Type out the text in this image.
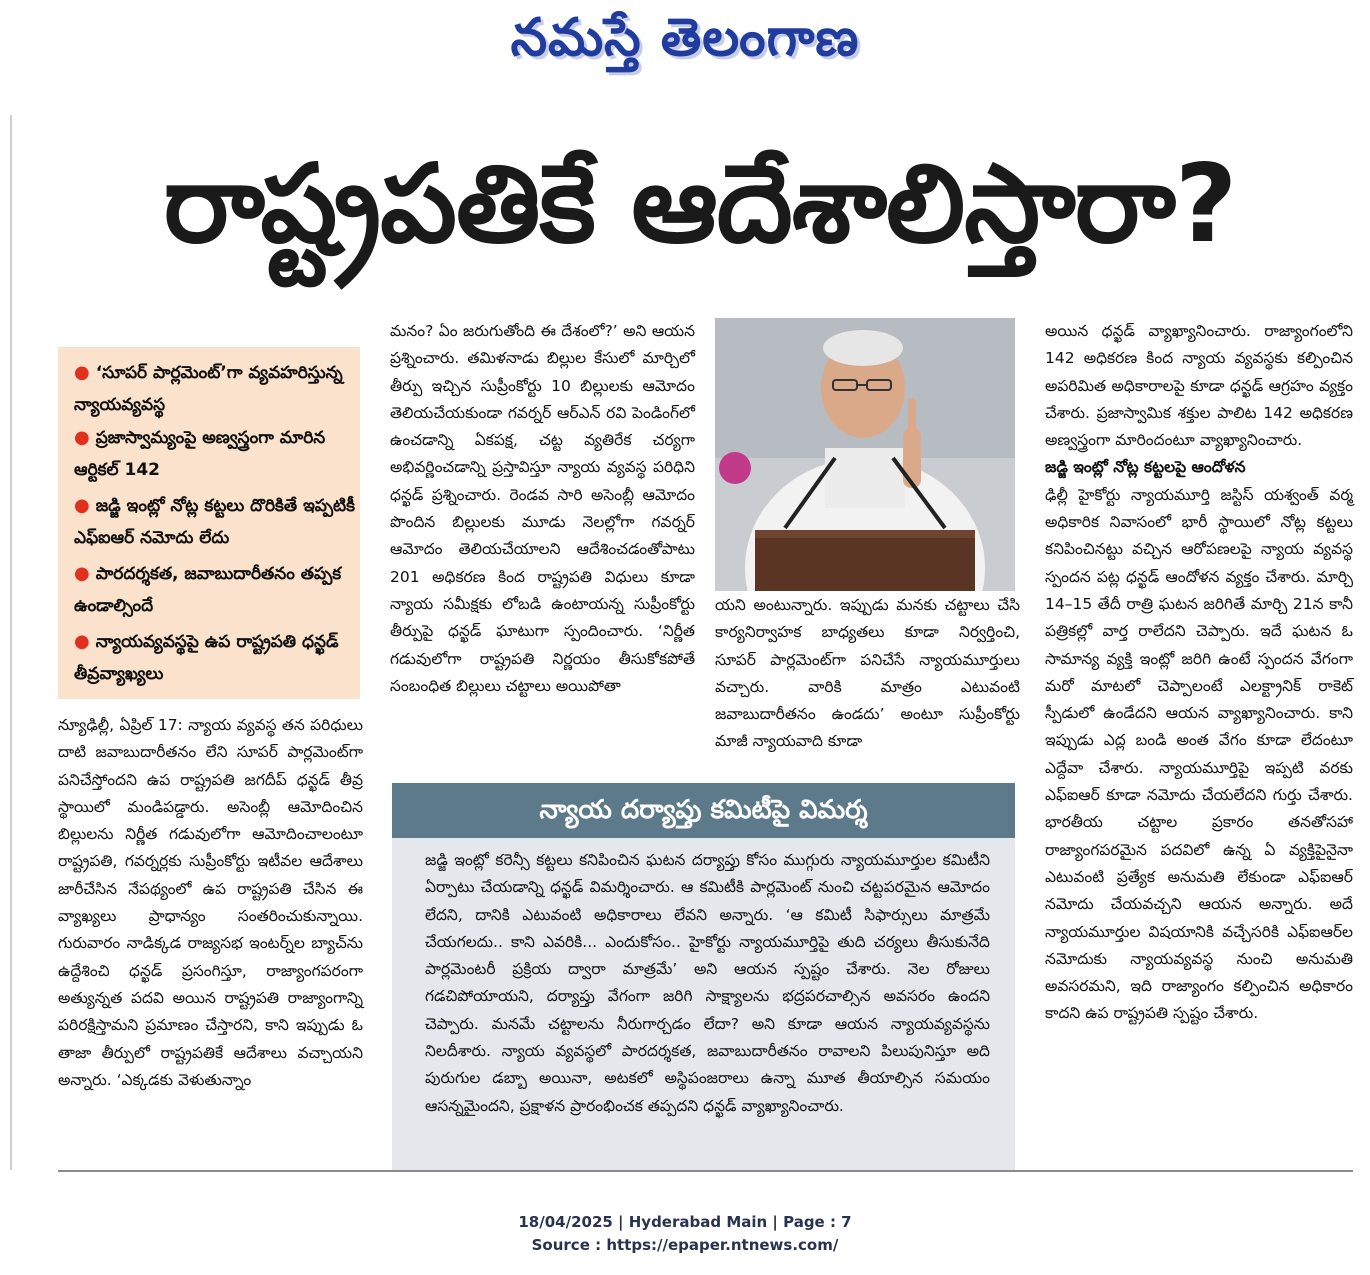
నమస్తే తెలంగాణ
రాష్ట్రపతికే ఆదేశాలిస్తారా?
● ‘సూపర్ పార్లమెంట్’గా వ్యవహరిస్తున్న న్యాయవ్యవస్థ
● ప్రజాస్వామ్యంపై అణ్వస్త్రంగా మారిన ఆర్టికల్ 142
● జడ్జి ఇంట్లో నోట్ల కట్టలు దొరికితే ఇప్పటికీ ఎఫ్ఐఆర్ నమోదు లేదు
● పారదర్శకత, జవాబుదారీతనం తప్పక ఉండాల్సిందే
● న్యాయవ్యవస్థపై ఉప రాష్ట్రపతి ధన్ఖడ్ తీవ్రవ్యాఖ్యలు
న్యూఢిల్లీ, ఏప్రిల్ 17: న్యాయ వ్యవస్థ తన పరిధులు దాటి జవాబుదారీతనం లేని సూపర్ పార్లమెంట్‌గా పనిచేస్తోందని ఉప రాష్ట్రపతి జగదీప్ ధన్ఖడ్ తీవ్ర స్థాయిలో మండిపడ్డారు. అసెంబ్లీ ఆమోదించిన బిల్లులను నిర్ణీత గడువులోగా ఆమోదించాలంటూ రాష్ట్రపతి, గవర్నర్లకు సుప్రీంకోర్టు ఇటీవల ఆదేశాలు జారీచేసిన నేపథ్యంలో ఉప రాష్ట్రపతి చేసిన ఈ వ్యాఖ్యలు ప్రాధాన్యం సంతరించుకున్నాయి. గురువారం నాడిక్కడ రాజ్యసభ ఇంటర్న్‌ల బ్యాచ్‌ను ఉద్దేశించి ధన్ఖడ్ ప్రసంగిస్తూ, రాజ్యాంగపరంగా అత్యున్నత పదవి అయిన రాష్ట్రపతి రాజ్యాంగాన్ని పరిరక్షిస్తామని ప్రమాణం చేస్తారని, కాని ఇప్పుడు ఓ తాజా తీర్పులో రాష్ట్రపతికే ఆదేశాలు వచ్చాయని అన్నారు. ‘ఎక్కడకు వెళుతున్నాం
మనం? ఏం జరుగుతోంది ఈ దేశంలో?’ అని ఆయన ప్రశ్నించారు. తమిళనాడు బిల్లుల కేసులో మార్చిలో తీర్పు ఇచ్చిన సుప్రీంకోర్టు 10 బిల్లులకు ఆమోదం తెలియచేయకుండా గవర్నర్ ఆర్ఎన్ రవి పెండింగ్‌లో ఉంచడాన్ని ఏకపక్ష, చట్ట వ్యతిరేక చర్యగా అభివర్ణించడాన్ని ప్రస్తావిస్తూ న్యాయ వ్యవస్థ పరిధిని ధన్ఖడ్ ప్రశ్నించారు. రెండవ సారి అసెంబ్లీ ఆమోదం పొందిన బిల్లులకు మూడు నెలల్లోగా గవర్నర్ ఆమోదం తెలియచేయాలని ఆదేశించడంతోపాటు 201 అధికరణ కింద రాష్ట్రపతి విధులు కూడా న్యాయ సమీక్షకు లోబడి ఉంటాయన్న సుప్రీంకోర్టు తీర్పుపై ధన్ఖడ్ ఘాటుగా స్పందించారు. ‘నిర్ణీత గడువులోగా రాష్ట్రపతి నిర్ణయం తీసుకోకపోతే సంబంధిత బిల్లులు చట్టాలు అయిపోతా
యని అంటున్నారు. ఇప్పుడు మనకు చట్టాలు చేసి కార్యనిర్వాహక బాధ్యతలు కూడా నిర్వర్తించి, సూపర్ పార్లమెంట్‌గా పనిచేసే న్యాయమూర్తులు వచ్చారు. వారికి మాత్రం ఎటువంటి జవాబుదారీతనం ఉండదు’ అంటూ సుప్రీంకోర్టు మాజీ న్యాయవాది కూడా
అయిన ధన్ఖడ్ వ్యాఖ్యానించారు. రాజ్యాంగంలోని 142 అధికరణ కింద న్యాయ వ్యవస్థకు కల్పించిన అపరిమిత అధికారాలపై కూడా ధన్ఖడ్ ఆగ్రహం వ్యక్తం చేశారు. ప్రజాస్వామిక శక్తుల పాలిట 142 అధికరణ అణ్వస్త్రంగా మారిందంటూ వ్యాఖ్యానించారు.
జడ్జి ఇంట్లో నోట్ల కట్టలపై ఆందోళన
ఢిల్లీ హైకోర్టు న్యాయమూర్తి జస్టిస్ యశ్వంత్ వర్మ అధికారిక నివాసంలో భారీ స్థాయిలో నోట్ల కట్టలు కనిపించినట్టు వచ్చిన ఆరోపణలపై న్యాయ వ్యవస్థ స్పందన పట్ల ధన్ఖడ్ ఆందోళన వ్యక్తం చేశారు. మార్చి 14–15 తేదీ రాత్రి ఘటన జరిగితే మార్చి 21న కానీ పత్రికల్లో వార్త రాలేదని చెప్పారు. ఇదే ఘటన ఓ సామాన్య వ్యక్తి ఇంట్లో జరిగి ఉంటే స్పందన వేగంగా మరో మాటలో చెప్పాలంటే ఎలక్ట్రానిక్ రాకెట్ స్పీడులో ఉండేదని ఆయన వ్యాఖ్యానించారు. కాని ఇప్పుడు ఎద్ల బండి అంత వేగం కూడా లేదంటూ ఎద్దేవా చేశారు. న్యాయమూర్తిపై ఇప్పటి వరకు ఎఫ్ఐఆర్ కూడా నమోదు చేయలేదని గుర్తు చేశారు. భారతీయ చట్టాల ప్రకారం తనతోసహా రాజ్యాంగపరమైన పదవిలో ఉన్న ఏ వ్యక్తిపైనైనా ఎటువంటి ప్రత్యేక అనుమతి లేకుండా ఎఫ్ఐఆర్ నమోదు చేయవచ్చని ఆయన అన్నారు. అదే న్యాయమూర్తుల విషయానికి వచ్చేసరికి ఎఫ్ఐఆర్‌ల నమోదుకు న్యాయవ్యవస్థ నుంచి అనుమతి అవసరమని, ఇది రాజ్యాంగం కల్పించిన అధికారం కాదని ఉప రాష్ట్రపతి స్పష్టం చేశారు.
న్యాయ దర్యాప్తు కమిటీపై విమర్శ
జడ్జి ఇంట్లో కరెన్సీ కట్టలు కనిపించిన ఘటన దర్యాప్తు కోసం ముగ్గురు న్యాయమూర్తుల కమిటీని ఏర్పాటు చేయడాన్ని ధన్ఖడ్ విమర్శించారు. ఆ కమిటీకి పార్లమెంట్ నుంచి చట్టపరమైన ఆమోదం లేదని, దానికి ఎటువంటి అధికారాలు లేవని అన్నారు. ‘ఆ కమిటీ సిఫార్సులు మాత్రమే చేయగలదు.. కాని ఎవరికి... ఎందుకోసం.. హైకోర్టు న్యాయమూర్తిపై తుది చర్యలు తీసుకునేది పార్లమెంటరీ ప్రక్రియ ద్వారా మాత్రమే’ అని ఆయన స్పష్టం చేశారు. నెల రోజులు గడచిపోయాయని, దర్యాప్తు వేగంగా జరిగి సాక్ష్యాలను భద్రపరచాల్సిన అవసరం ఉందని చెప్పారు. మనమే చట్టాలను నీరుగార్చడం లేదా? అని కూడా ఆయన న్యాయవ్యవస్థను నిలదీశారు. న్యాయ వ్యవస్థలో పారదర్శకత, జవాబుదారీతనం రావాలని పిలుపునిస్తూ అది పురుగుల డబ్బా అయినా, అటకలో అస్థిపంజరాలు ఉన్నా మూత తీయాల్సిన సమయం ఆసన్నమైందని, ప్రక్షాళన ప్రారంభించక తప్పదని ధన్ఖడ్ వ్యాఖ్యానించారు.
18/04/2025 | Hyderabad Main | Page : 7
Source : https://epaper.ntnews.com/
